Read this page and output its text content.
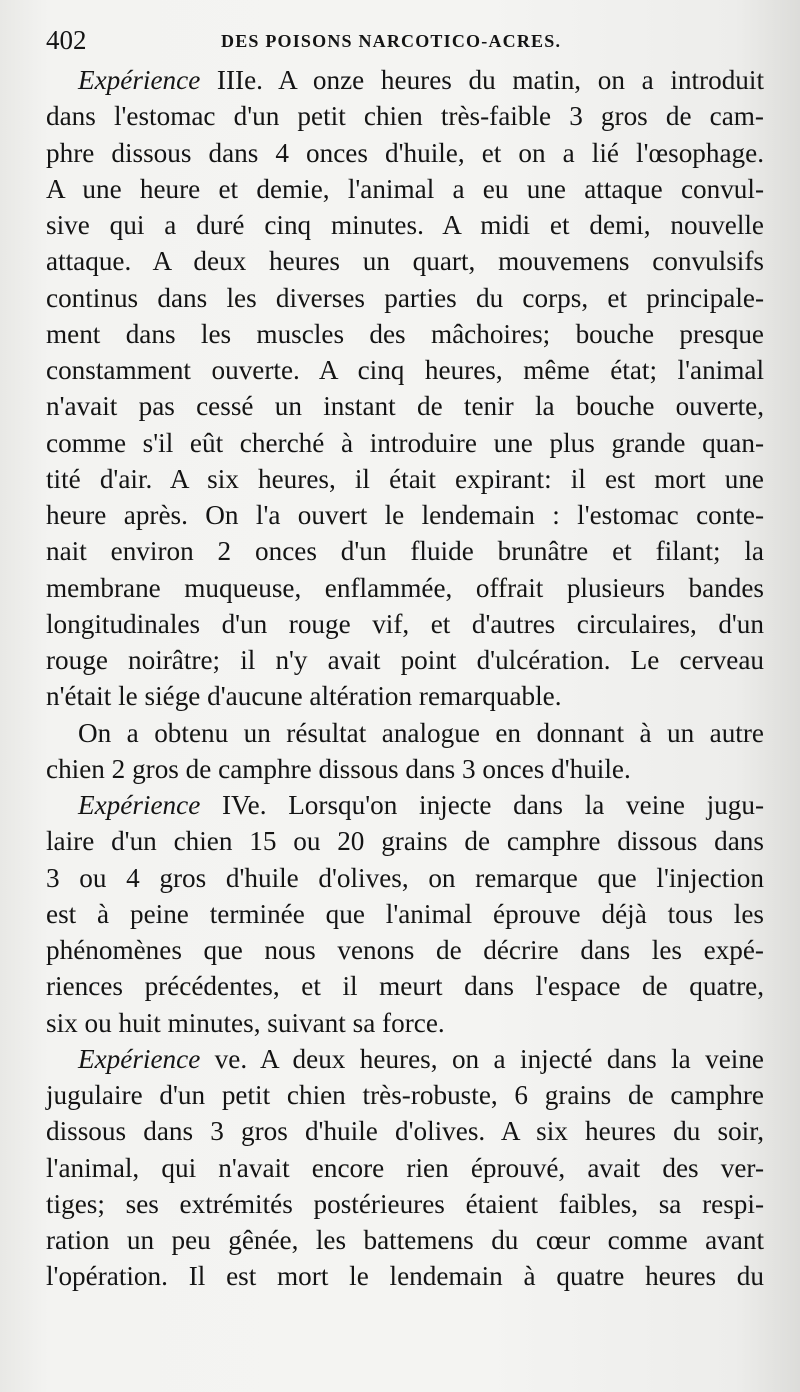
402	DES POISONS NARCOTICO-ACRES.
Expérience IIIe. A onze heures du matin, on a introduit
dans l'estomac d'un petit chien très-faible 3 gros de cam-
phre dissous dans 4 onces d'huile, et on a lié l'œsophage.
A une heure et demie, l'animal a eu une attaque convul-
sive qui a duré cinq minutes. A midi et demi, nouvelle
attaque. A deux heures un quart, mouvemens convulsifs
continus dans les diverses parties du corps, et principale-
ment dans les muscles des mâchoires; bouche presque
constamment ouverte. A cinq heures, même état; l'animal
n'avait pas cessé un instant de tenir la bouche ouverte,
comme s'il eût cherché à introduire une plus grande quan-
tité d'air. A six heures, il était expirant: il est mort une
heure après. On l'a ouvert le lendemain : l'estomac conte-
nait environ 2 onces d'un fluide brunâtre et filant; la
membrane muqueuse, enflammée, offrait plusieurs bandes
longitudinales d'un rouge vif, et d'autres circulaires, d'un
rouge noirâtre; il n'y avait point d'ulcération. Le cerveau
n'était le siége d'aucune altération remarquable.
On a obtenu un résultat analogue en donnant à un autre
chien 2 gros de camphre dissous dans 3 onces d'huile.
Expérience IVe. Lorsqu'on injecte dans la veine jugu-
laire d'un chien 15 ou 20 grains de camphre dissous dans
3 ou 4 gros d'huile d'olives, on remarque que l'injection
est à peine terminée que l'animal éprouve déjà tous les
phénomènes que nous venons de décrire dans les expé-
riences précédentes, et il meurt dans l'espace de quatre,
six ou huit minutes, suivant sa force.
Expérience ve. A deux heures, on a injecté dans la veine
jugulaire d'un petit chien très-robuste, 6 grains de camphre
dissous dans 3 gros d'huile d'olives. A six heures du soir,
l'animal, qui n'avait encore rien éprouvé, avait des ver-
tiges; ses extrémités postérieures étaient faibles, sa respi-
ration un peu gênée, les battemens du cœur comme avant
l'opération. Il est mort le lendemain à quatre heures du
